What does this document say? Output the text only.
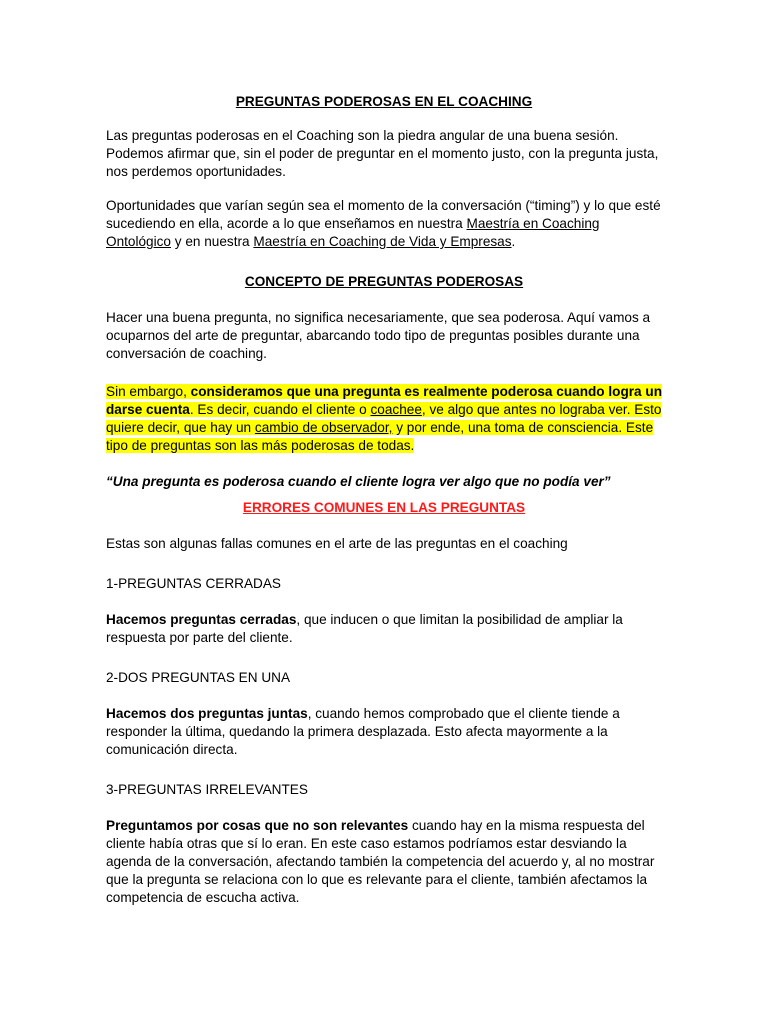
PREGUNTAS PODEROSAS EN EL COACHING

Las preguntas poderosas en el Coaching son la piedra angular de una buena sesión. Podemos afirmar que, sin el poder de preguntar en el momento justo, con la pregunta justa, nos perdemos oportunidades.

Oportunidades que varían según sea el momento de la conversación (“timing”) y lo que esté sucediendo en ella, acorde a lo que enseñamos en nuestra Maestría en Coaching Ontológico y en nuestra Maestría en Coaching de Vida y Empresas.

CONCEPTO DE PREGUNTAS PODEROSAS

Hacer una buena pregunta, no significa necesariamente, que sea poderosa. Aquí vamos a ocuparnos del arte de preguntar, abarcando todo tipo de preguntas posibles durante una conversación de coaching.

Sin embargo, consideramos que una pregunta es realmente poderosa cuando logra un darse cuenta. Es decir, cuando el cliente o coachee, ve algo que antes no lograba ver. Esto quiere decir, que hay un cambio de observador, y por ende, una toma de consciencia. Este tipo de preguntas son las más poderosas de todas.

“Una pregunta es poderosa cuando el cliente logra ver algo que no podía ver”

ERRORES COMUNES EN LAS PREGUNTAS

Estas son algunas fallas comunes en el arte de las preguntas en el coaching

1-PREGUNTAS CERRADAS

Hacemos preguntas cerradas, que inducen o que limitan la posibilidad de ampliar la respuesta por parte del cliente.

2-DOS PREGUNTAS EN UNA

Hacemos dos preguntas juntas, cuando hemos comprobado que el cliente tiende a responder la última, quedando la primera desplazada. Esto afecta mayormente a la comunicación directa.

3-PREGUNTAS IRRELEVANTES

Preguntamos por cosas que no son relevantes cuando hay en la misma respuesta del cliente había otras que sí lo eran. En este caso estamos podríamos estar desviando la agenda de la conversación, afectando también la competencia del acuerdo y, al no mostrar que la pregunta se relaciona con lo que es relevante para el cliente, también afectamos la competencia de escucha activa.
